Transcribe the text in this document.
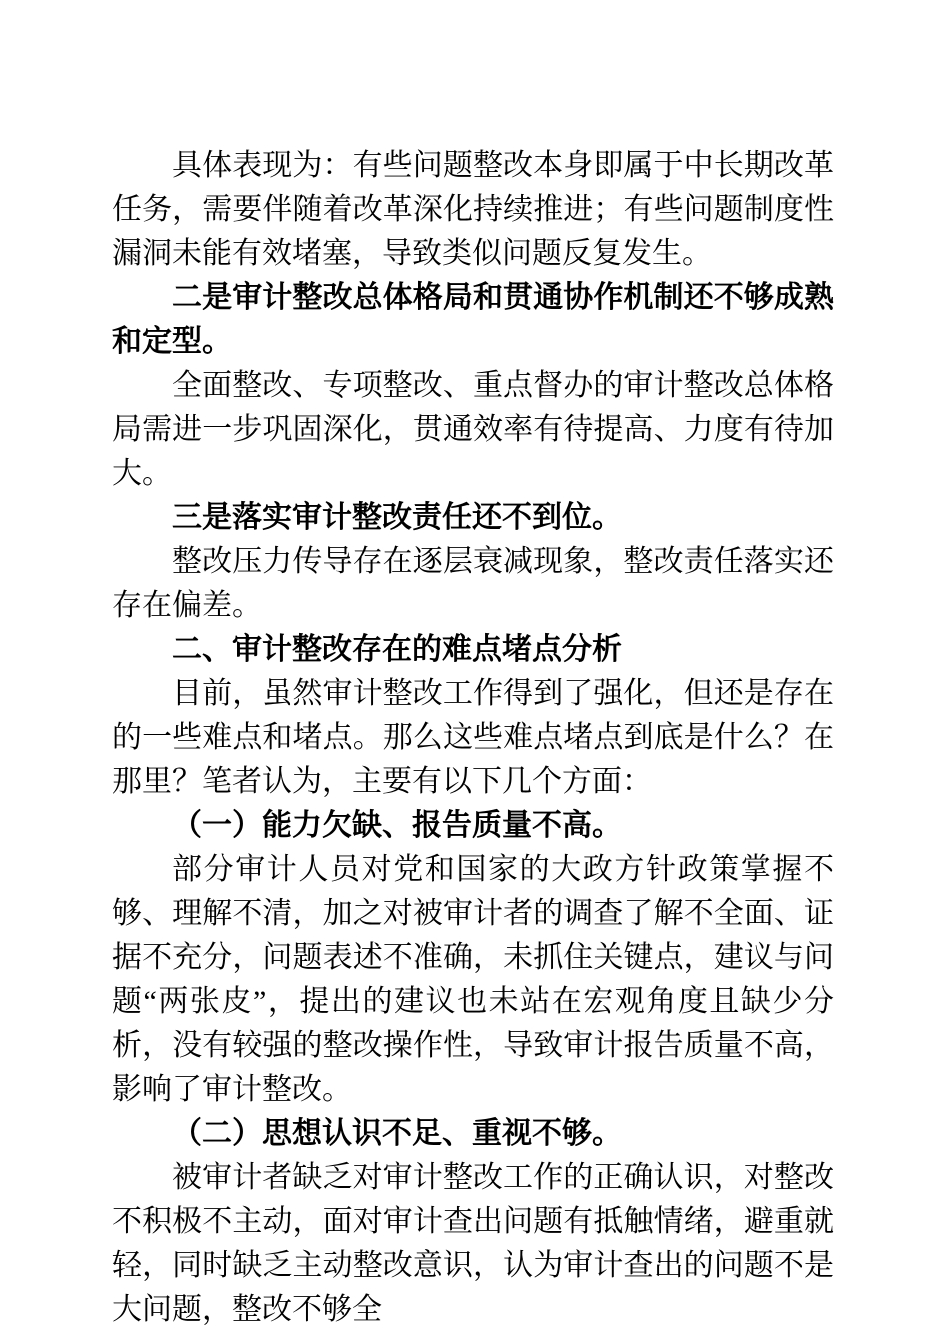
具体表现为：有些问题整改本身即属于中长期改革任务，需要伴随着改革深化持续推进；有些问题制度性漏洞未能有效堵塞，导致类似问题反复发生。

二是审计整改总体格局和贯通协作机制还不够成熟和定型。

全面整改、专项整改、重点督办的审计整改总体格局需进一步巩固深化，贯通效率有待提高、力度有待加大。

三是落实审计整改责任还不到位。

整改压力传导存在逐层衰减现象，整改责任落实还存在偏差。

二、审计整改存在的难点堵点分析

目前，虽然审计整改工作得到了强化，但还是存在的一些难点和堵点。那么这些难点堵点到底是什么？在那里？笔者认为，主要有以下几个方面：

（一）能力欠缺、报告质量不高。

部分审计人员对党和国家的大政方针政策掌握不够、理解不清，加之对被审计者的调查了解不全面、证据不充分，问题表述不准确，未抓住关键点，建议与问题“两张皮”，提出的建议也未站在宏观角度且缺少分析，没有较强的整改操作性，导致审计报告质量不高，影响了审计整改。

（二）思想认识不足、重视不够。

被审计者缺乏对审计整改工作的正确认识，对整改不积极不主动，面对审计查出问题有抵触情绪，避重就轻，同时缺乏主动整改意识，认为审计查出的问题不是大问题，整改不够全
